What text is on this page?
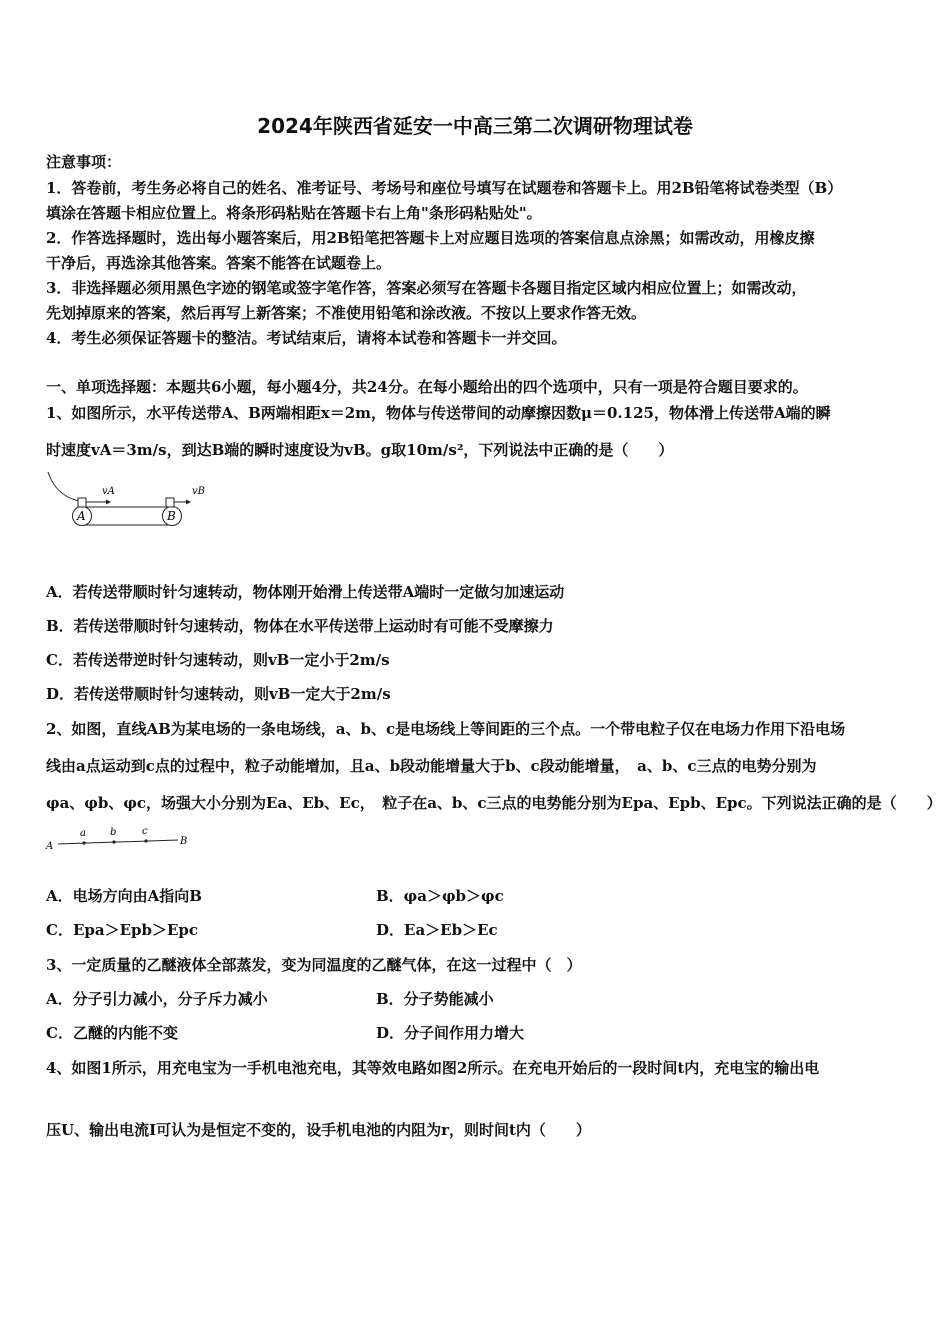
2024年陕西省延安一中高三第二次调研物理试卷
注意事项：
1．答卷前，考生务必将自己的姓名、准考证号、考场号和座位号填写在试题卷和答题卡上。用2B铅笔将试卷类型（B）
填涂在答题卡相应位置上。将条形码粘贴在答题卡右上角"条形码粘贴处"。
2．作答选择题时，选出每小题答案后，用2B铅笔把答题卡上对应题目选项的答案信息点涂黑；如需改动，用橡皮擦
干净后，再选涂其他答案。答案不能答在试题卷上。
3．非选择题必须用黑色字迹的钢笔或签字笔作答，答案必须写在答题卡各题目指定区域内相应位置上；如需改动，
先划掉原来的答案，然后再写上新答案；不准使用铅笔和涂改液。不按以上要求作答无效。
4．考生必须保证答题卡的整洁。考试结束后，请将本试卷和答题卡一并交回。
一、单项选择题：本题共6小题，每小题4分，共24分。在每小题给出的四个选项中，只有一项是符合题目要求的。
1、如图所示，水平传送带A、B两端相距x＝2m，物体与传送带间的动摩擦因数μ＝0.125，物体滑上传送带A端的瞬
时速度vA＝3m/s，到达B端的瞬时速度设为vB。g取10m/s²，下列说法中正确的是（　　）
vA	vB
A	B
A．若传送带顺时针匀速转动，物体刚开始滑上传送带A端时一定做匀加速运动
B．若传送带顺时针匀速转动，物体在水平传送带上运动时有可能不受摩擦力
C．若传送带逆时针匀速转动，则vB一定小于2m/s
D．若传送带顺时针匀速转动，则vB一定大于2m/s
2、如图，直线AB为某电场的一条电场线，a、b、c是电场线上等间距的三个点。一个带电粒子仅在电场力作用下沿电场
线由a点运动到c点的过程中，粒子动能增加，且a、b段动能增量大于b、c段动能增量，　a、b、c三点的电势分别为
φa、φb、φc，场强大小分别为Ea、Eb、Ec，　粒子在a、b、c三点的电势能分别为Epa、Epb、Epc。下列说法正确的是（　　）
A
a b	c
B
A．电场方向由A指向B	B．φa＞φb＞φc
C．Epa＞Epb＞Epc	D．Ea＞Eb＞Ec
3、一定质量的乙醚液体全部蒸发，变为同温度的乙醚气体，在这一过程中（　）
A．分子引力减小，分子斥力减小	B．分子势能减小
C．乙醚的内能不变	D．分子间作用力增大
4、如图1所示，用充电宝为一手机电池充电，其等效电路如图2所示。在充电开始后的一段时间t内，充电宝的输出电
压U、输出电流I可认为是恒定不变的，设手机电池的内阻为r，则时间t内（　　）
